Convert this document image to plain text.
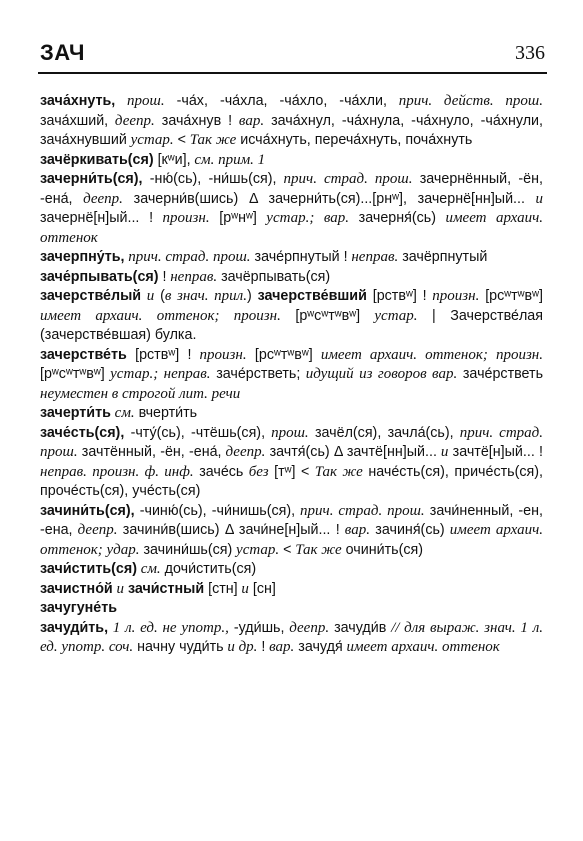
ЗАЧ	336

зача́хнуть, прош. -ча́х, -ча́хла, -ча́хло, -ча́хли, прич. действ. прош. зача́хший, деепр. зача́хнув ! вар. зача́хнул, -ча́хнула, -ча́хнуло, -ча́хнули, зача́хнувший устар. < Так же исча́хнуть, переча́хнуть, поча́хнуть

зачёркивать(ся) [кʷи], см. прим. 1

зачерни́ть(ся), -ню́(сь), -ни́шь(ся), прич. страд. прош. зачернённый, -ён, -ена́, деепр. зачерни́в(шись) Δ зачерни́ть(ся)...[рнʷ], зачернё[нн]ый... и зачернё[н]ый... ! произн. [рʷнʷ] устар.; вар. зачерня́(сь) имеет архаич. оттенок

зачерпну́ть, прич. страд. прош. заче́рпнутый ! неправ. зачёрпнутый

заче́рпывать(ся) ! неправ. зачёрпывать(ся)

зачерстве́лый и (в знач. прил.) зачерстве́вший [рствʷ] ! произн. [рсʷтʷвʷ] имеет архаич. оттенок; произн. [рʷсʷтʷвʷ] устар. | Зачерстве́лая (зачерстве́вшая) булка.

зачерстве́ть [рствʷ] ! произн. [рсʷтʷвʷ] имеет архаич. оттенок; произн. [рʷсʷтʷвʷ] устар.; неправ. заче́рстветь; идущий из говоров вар. заче́рстветь неуместен в строгой лит. речи

зачерти́ть см. вчерти́ть

заче́сть(ся), -чту́(сь), -чтёшь(ся), прош. зачёл(ся), зачла́(сь), прич. страд. прош. зачтённый, -ён, -ена́, деепр. зачтя́(сь) Δ зачтё[нн]ый... и зачтё[н]ый... ! неправ. произн. ф. инф. заче́сь без [тʷ] < Так же наче́сть(ся), приче́сть(ся), проче́сть(ся), уче́сть(ся)

зачини́ть(ся), -чиню́(сь), -чи́нишь(ся), прич. страд. прош. зачи́ненный, -ен, -ена, деепр. зачини́в(шись) Δ зачи́не[н]ый... ! вар. зачиня́(сь) имеет архаич. оттенок; удар. зачини́шь(ся) устар. < Так же очини́ть(ся)

зачи́стить(ся) см. дочи́стить(ся)

зачистно́й и зачи́стный [стн] и [сн]

зачугуне́ть

зачуди́ть, 1 л. ед. не употр., -уди́шь, деепр. зачуди́в // для выраж. знач. 1 л. ед. употр. соч. начну чуди́ть и др. ! вар. зачудя́ имеет архаич. оттенок
